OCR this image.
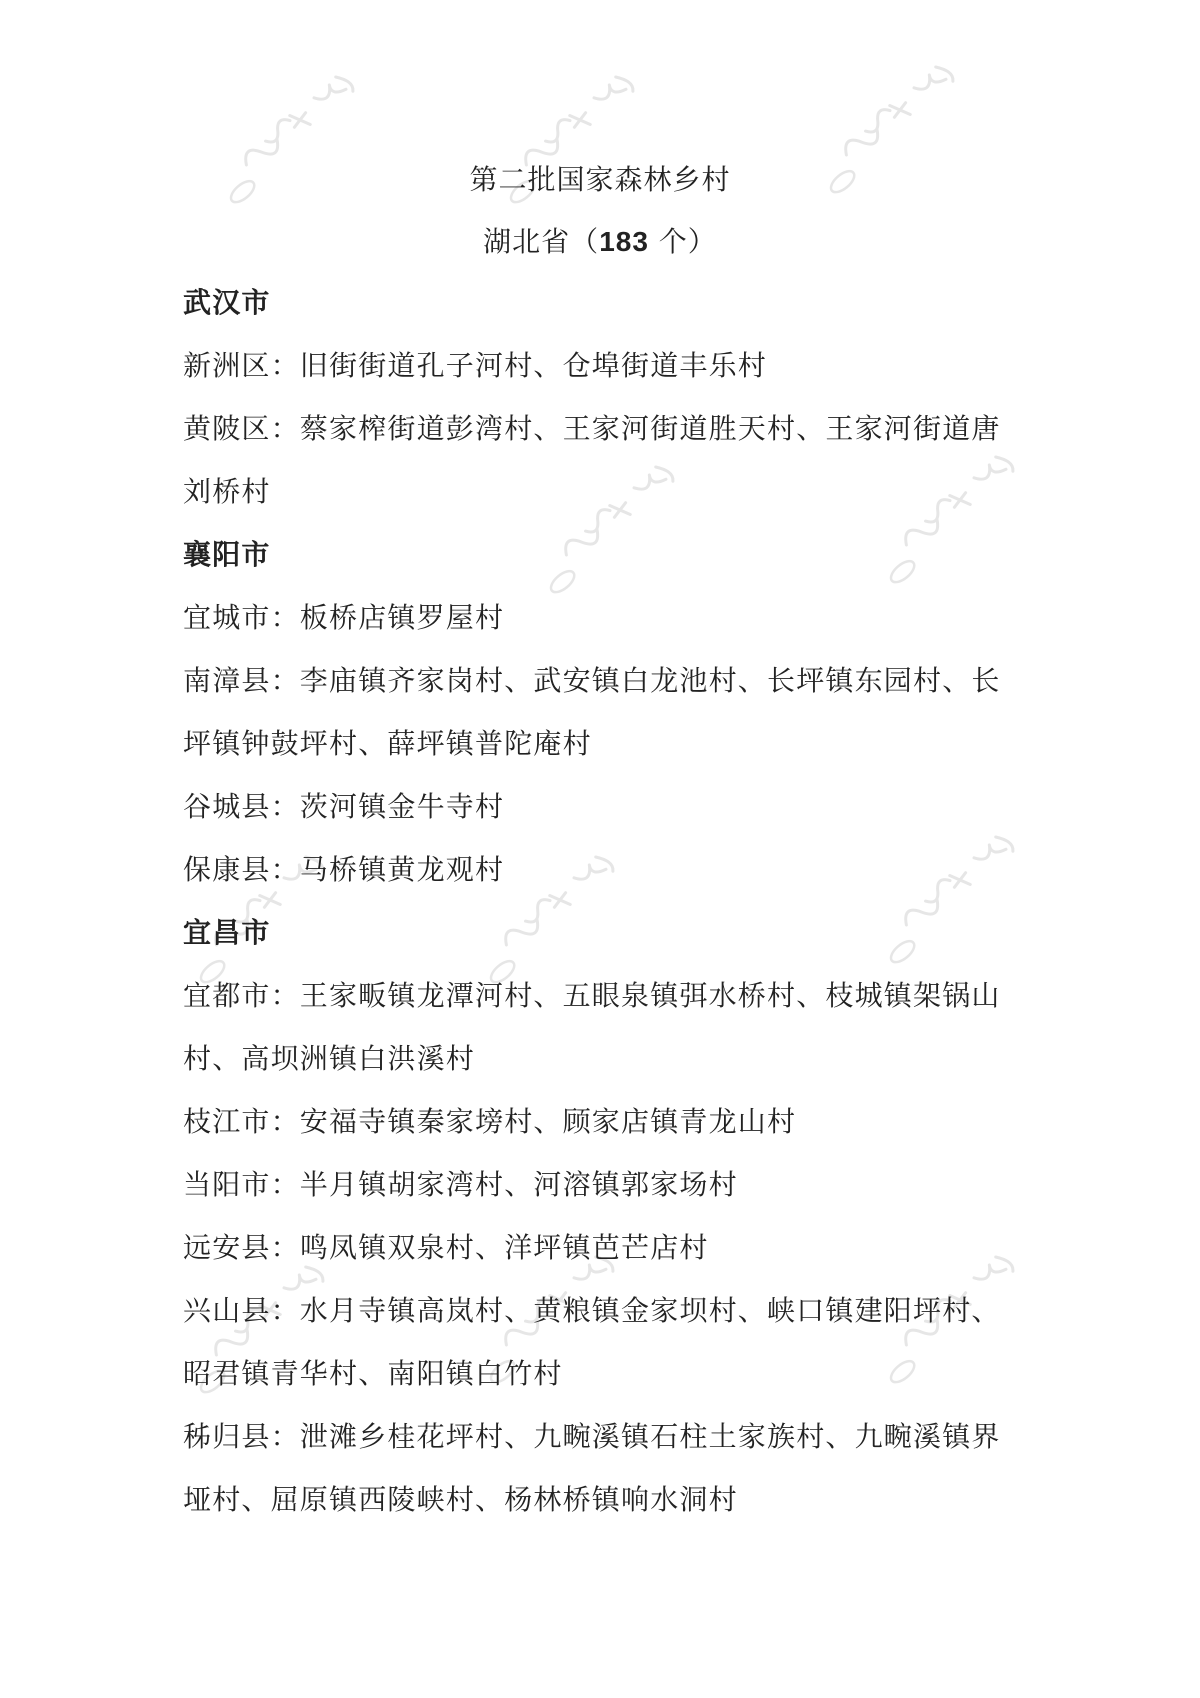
第二批国家森林乡村
湖北省（183 个）
武汉市
新洲区：旧街街道孔子河村、仓埠街道丰乐村
黄陂区：蔡家榨街道彭湾村、王家河街道胜天村、王家河街道唐
刘桥村
襄阳市
宜城市：板桥店镇罗屋村
南漳县：李庙镇齐家岗村、武安镇白龙池村、长坪镇东园村、长
坪镇钟鼓坪村、薛坪镇普陀庵村
谷城县：茨河镇金牛寺村
保康县：马桥镇黄龙观村
宜昌市
宜都市：王家畈镇龙潭河村、五眼泉镇弭水桥村、枝城镇架锅山
村、高坝洲镇白洪溪村
枝江市：安福寺镇秦家塝村、顾家店镇青龙山村
当阳市：半月镇胡家湾村、河溶镇郭家场村
远安县：鸣凤镇双泉村、洋坪镇芭芒店村
兴山县：水月寺镇高岚村、黄粮镇金家坝村、峡口镇建阳坪村、
昭君镇青华村、南阳镇白竹村
秭归县：泄滩乡桂花坪村、九畹溪镇石柱土家族村、九畹溪镇界
垭村、屈原镇西陵峡村、杨林桥镇响水洞村
